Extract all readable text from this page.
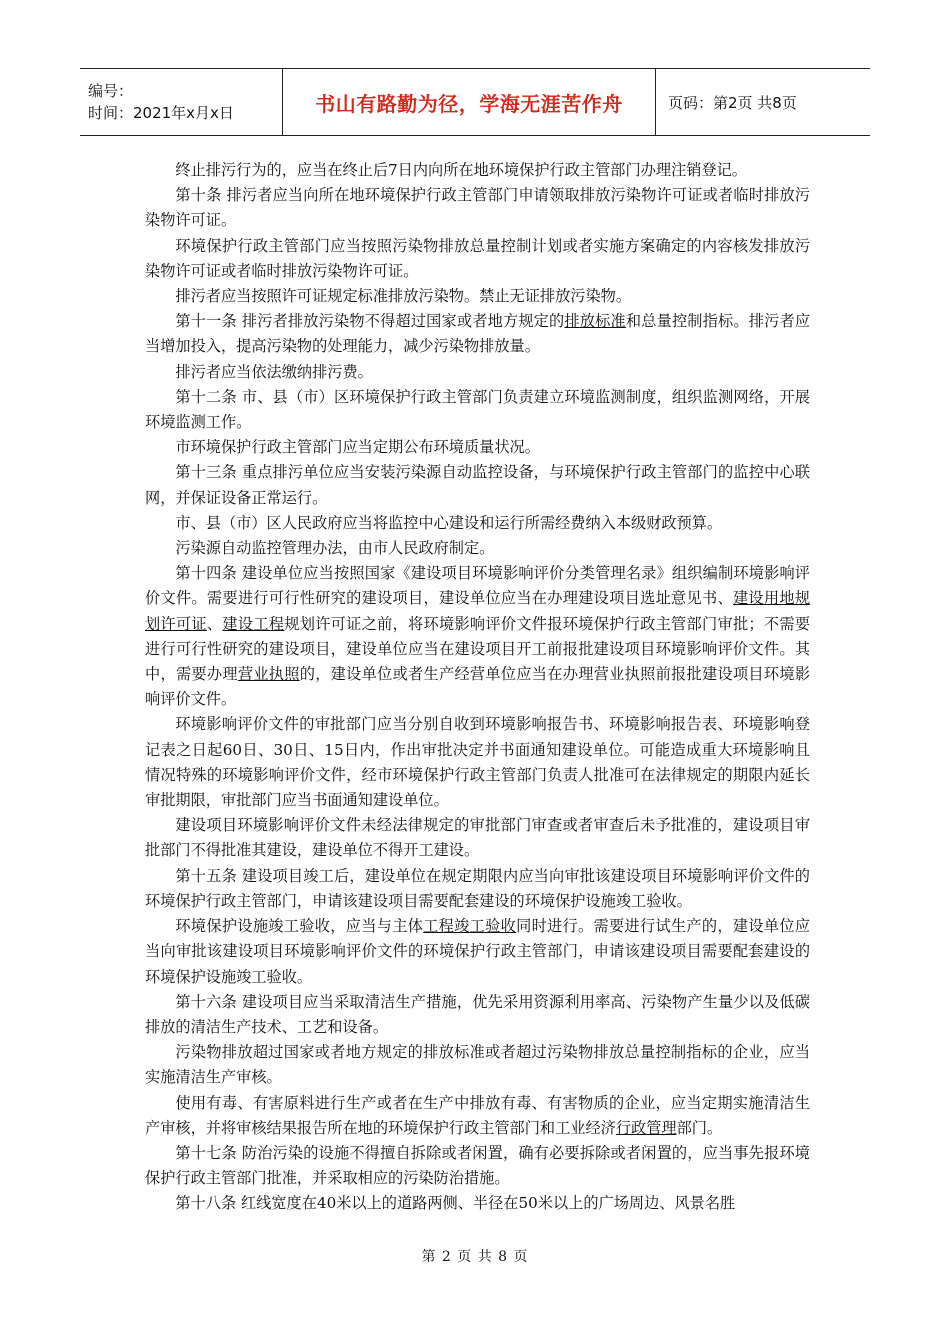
编号：
时间：2021年x月x日	书山有路勤为径，学海无涯苦作舟	页码：第2页 共8页

终止排污行为的，应当在终止后7日内向所在地环境保护行政主管部门办理注销登记。

第十条 排污者应当向所在地环境保护行政主管部门申请领取排放污染物许可证或者临时排放污染物许可证。

环境保护行政主管部门应当按照污染物排放总量控制计划或者实施方案确定的内容核发排放污染物许可证或者临时排放污染物许可证。

排污者应当按照许可证规定标准排放污染物。禁止无证排放污染物。

第十一条 排污者排放污染物不得超过国家或者地方规定的排放标准和总量控制指标。排污者应当增加投入，提高污染物的处理能力，减少污染物排放量。

排污者应当依法缴纳排污费。

第十二条 市、县（市）区环境保护行政主管部门负责建立环境监测制度，组织监测网络，开展环境监测工作。

市环境保护行政主管部门应当定期公布环境质量状况。

第十三条 重点排污单位应当安装污染源自动监控设备，与环境保护行政主管部门的监控中心联网，并保证设备正常运行。

市、县（市）区人民政府应当将监控中心建设和运行所需经费纳入本级财政预算。

污染源自动监控管理办法，由市人民政府制定。

第十四条 建设单位应当按照国家《建设项目环境影响评价分类管理名录》组织编制环境影响评价文件。需要进行可行性研究的建设项目，建设单位应当在办理建设项目选址意见书、建设用地规划许可证、建设工程规划许可证之前，将环境影响评价文件报环境保护行政主管部门审批；不需要进行可行性研究的建设项目，建设单位应当在建设项目开工前报批建设项目环境影响评价文件。其中，需要办理营业执照的，建设单位或者生产经营单位应当在办理营业执照前报批建设项目环境影响评价文件。

环境影响评价文件的审批部门应当分别自收到环境影响报告书、环境影响报告表、环境影响登记表之日起60日、30日、15日内，作出审批决定并书面通知建设单位。可能造成重大环境影响且情况特殊的环境影响评价文件，经市环境保护行政主管部门负责人批准可在法律规定的期限内延长审批期限，审批部门应当书面通知建设单位。

建设项目环境影响评价文件未经法律规定的审批部门审查或者审查后未予批准的，建设项目审批部门不得批准其建设，建设单位不得开工建设。

第十五条 建设项目竣工后，建设单位在规定期限内应当向审批该建设项目环境影响评价文件的环境保护行政主管部门，申请该建设项目需要配套建设的环境保护设施竣工验收。

环境保护设施竣工验收，应当与主体工程竣工验收同时进行。需要进行试生产的，建设单位应当向审批该建设项目环境影响评价文件的环境保护行政主管部门，申请该建设项目需要配套建设的环境保护设施竣工验收。

第十六条 建设项目应当采取清洁生产措施，优先采用资源利用率高、污染物产生量少以及低碳排放的清洁生产技术、工艺和设备。

污染物排放超过国家或者地方规定的排放标准或者超过污染物排放总量控制指标的企业，应当实施清洁生产审核。

使用有毒、有害原料进行生产或者在生产中排放有毒、有害物质的企业，应当定期实施清洁生产审核，并将审核结果报告所在地的环境保护行政主管部门和工业经济行政管理部门。

第十七条 防治污染的设施不得擅自拆除或者闲置，确有必要拆除或者闲置的，应当事先报环境保护行政主管部门批准，并采取相应的污染防治措施。

第十八条 红线宽度在40米以上的道路两侧、半径在50米以上的广场周边、风景名胜

第 2 页 共 8 页
